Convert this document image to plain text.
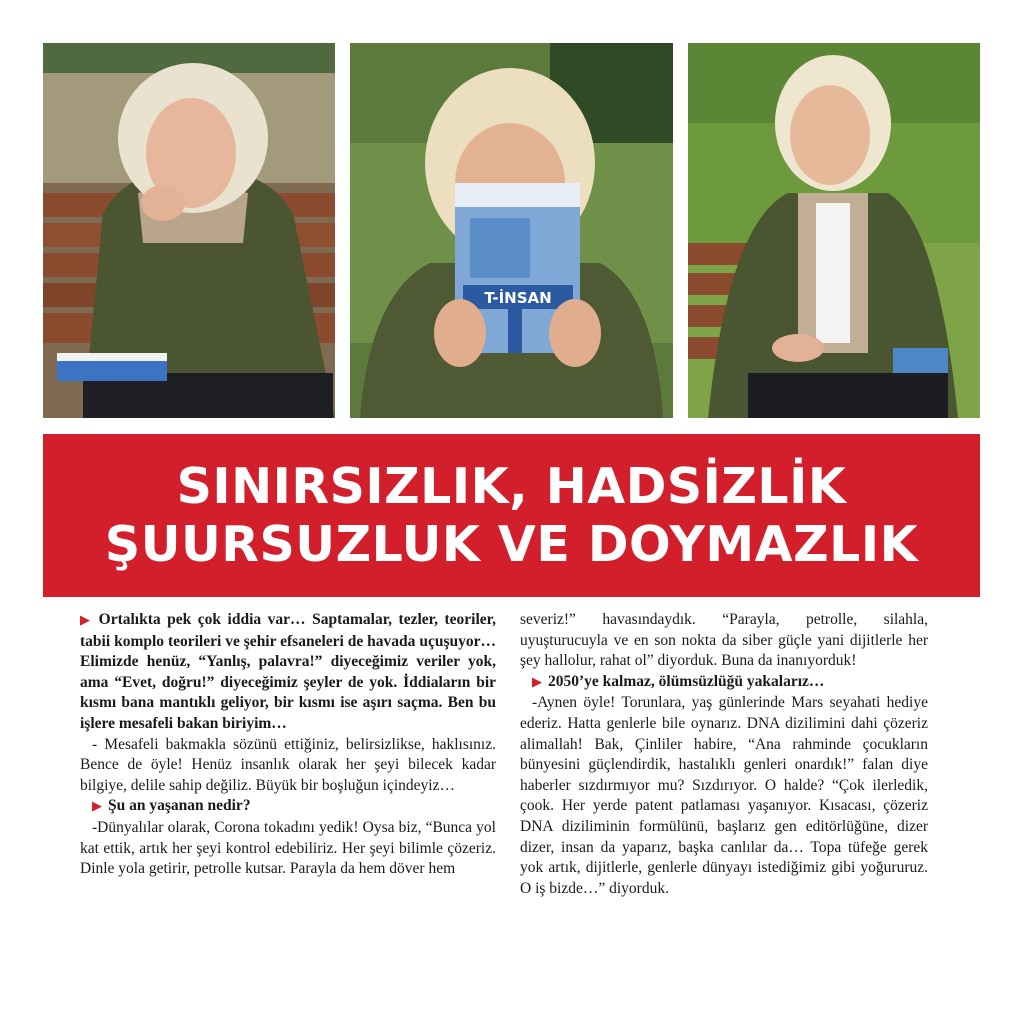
T-İNSAN
SINIRSIZLIK, HADSİZLİK
ŞUURSUZLUK VE DOYMAZLIK

▶ Ortalıkta pek çok iddia var… Saptamalar, tezler, teoriler, tabii komplo teorileri ve şehir efsaneleri de havada uçuşuyor… Elimizde henüz, “Yanlış, palavra!” diyeceğimiz veriler yok, ama “Evet, doğru!” diyeceğimiz şeyler de yok. İddiaların bir kısmı bana mantıklı geliyor, bir kısmı ise aşırı saçma. Ben bu işlere mesafeli bakan biriyim…

- Mesafeli bakmakla sözünü ettiğiniz, belirsizlikse, haklısınız. Bence de öyle! Henüz insanlık olarak her şeyi bilecek kadar bilgiye, delile sahip değiliz. Büyük bir boşluğun içindeyiz…

▶ Şu an yaşanan nedir?

-Dünyalılar olarak, Corona tokadını yedik! Oysa biz, “Bunca yol kat ettik, artık her şeyi kontrol edebiliriz. Her şeyi bilimle çözeriz. Dinle yola getirir, petrolle kutsar. Parayla da hem döver hem

severiz!” havasındaydık. “Parayla, petrolle, silahla, uyuşturucuyla ve en son nokta da siber güçle yani dijitlerle her şey hallolur, rahat ol” diyorduk. Buna da inanıyorduk!

▶ 2050’ye kalmaz, ölümsüzlüğü yakalarız…

-Aynen öyle! Torunlara, yaş günlerinde Mars seyahati hediye ederiz. Hatta genlerle bile oynarız. DNA dizilimini dahi çözeriz alimallah! Bak, Çinliler habire, “Ana rahminde çocukların bünyesini güçlendirdik, hastalıklı genleri onardık!” falan diye haberler sızdırmıyor mu? Sızdırıyor. O halde? “Çok ilerledik, çook. Her yerde patent patlaması yaşanıyor. Kısacası, çözeriz DNA diziliminin formülünü, başlarız gen editörlüğüne, dizer dizer, insan da yaparız, başka canlılar da… Topa tüfeğe gerek yok artık, dijitlerle, genlerle dünyayı istediğimiz gibi yoğururuz. O iş bizde…” diyorduk.
